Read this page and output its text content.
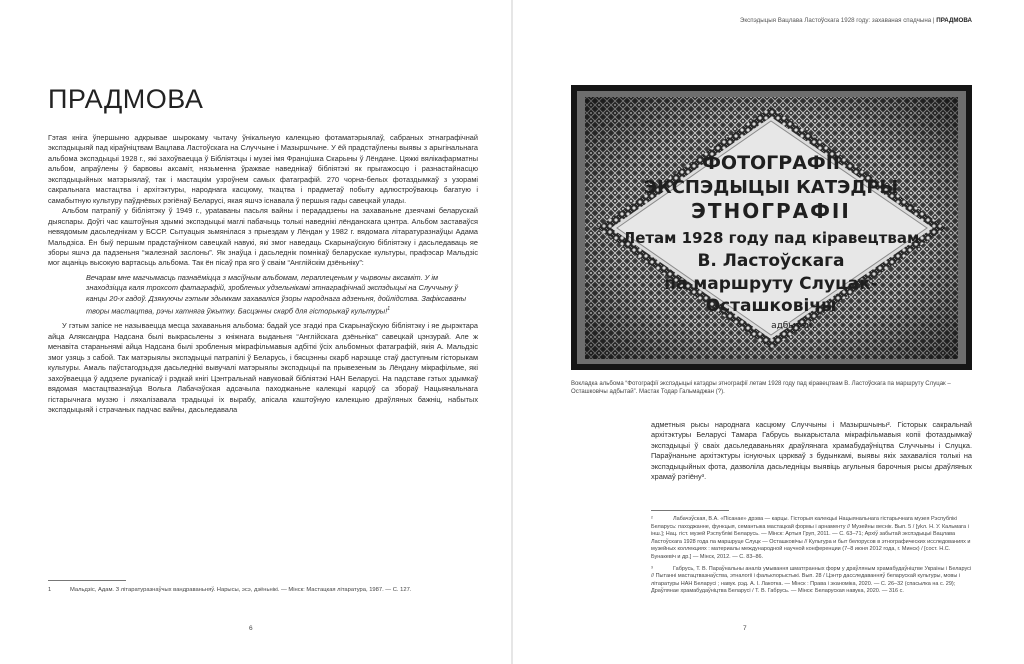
Экспэдыцыя Вацлава Ластоўскага 1928 году: захаваная спадчына | ПРАДМОВА
ПРАДМОВА

Гэтая кніга ўпершыню адкрывае шырокаму чытачу ўнікальную калекцыю фотаматэрыялаў, сабраных этнаграфічнай экспэдыцыяй пад кіраўніцтвам Вацлава Ластоўскага на Случчыне і Мазыршчыне. У ёй прадстаўлены выявы з арыгінальнага альбома экспэдыцыі 1928 г., які захоўваецца ў Бібліятэцы і музеі імя Францішка Скарыны ў Лёндане. Цяжкі вялікафарматны альбом, апраўлены ў барвовы аксаміт, нязьменна ўражвае наведнікаў бібліятэкі як прыгажосцю і разнастайнасцю экспэдыцыйных матэрыялаў, так і мастацкім узроўнем самых фатаграфій. 270 чорна-белых фотаздымкаў з узорамі сакральнага мастацтва і архітэктуры, народнага касцюму, ткацтва і прадметаў побыту адлюстроўваюць багатую і самабытную культуру паўднёвых рэгіёнаў Беларусі, якая яшчэ існавала ў першыя гады савецкай улады.

Альбом патрапіў у бібліятэку ў 1949 г., ураtаваны пасьля вайны і перададзены на захаваньне дзеячамі беларускай дыяспары. Доўгі час каштоўныя здымкі экспэдыцыі маглі пабачыць толькі наведнікі лёнданскага цэнтра. Альбом заставаўся невядомым дасьледнікам у БССР. Сытуацыя зьмянілася з прыездам у Лёндан у 1982 г. вядомага літаратуразнаўцы Адама Мальдзіса. Ён быў першым прадстаўніком савецкай навукі, які змог наведаць Скарынаўскую бібліятэку і дасьледаваць яе зборы яшчэ да падзеньня “жалезнай заслоны”. Як знаўца і дасьледнік помнікаў беларускае культуры, прафэсар Мальдзіс мог ацаніць высокую вартасьць альбома. Так ён пісаў пра яго ў сваім “Англійскім дзёньніку”:

Вечарам мне магчымасць пазнаёміцца з масіўным альбомам, пераплеценым у чырвоны аксаміт. У ім знаходзіцца каля трохсот фатаграфій, зробленых удзельнікамі этнаграфічнай экспэдыцыі на Случчыну ў канцы 20-х гадоў. Дзякуючы гэтым здымкам захаваліся ўзоры народнага адзеньня, дойлідства. Зафіксаваны творы мастацтва, рэчы хатняга ўжытку. Басцэнны скарб для гісторыкаў культуры!$^1$

У гэтым запісе не называецца месца захаваньня альбома: бадай усе згадкі пра Скарынаўскую бібліятэку і яе дырэктара айца Аляксандра Надсана былі выкрасьлены з кніжнага выданьня “Англійскага дзёньніка” савецкай цэнзурай. Але ж менавіта стараньнямі айца Надсана былі зробленыя мікрафільмавыя адбіткі ўсіх альбомных фатаграфій, якія А. Мальдзіс змог узяць з сабой. Так матэрыялы экспэдыцыі патрапілі ў Беларусь, і бясцэнны скарб нарэшце стаў даступным гісторыкам культуры. Амаль паўстагодзьдзя дасьледнікі вывучалі матэрыялы экспэдыцыі па прывезеным зь Лёндану мікрафільме, які захоўваецца ў аддзеле рукапісаў і рэдкай кнігі Цэнтральнай навуковай бібліятэкі НАН Беларусі. На падставе гэтых здымкаў вядомая мастацтвазнаўца Вольга Лабачэўская адсачыла паходжаньне калекцыі карцоў са збораў Нацыянальнага гістарычнага музэю і ляхалізавала традыцыі іх вырабу, апісала каштоўную калекцыю драўляных бажніц, набытых экспэдыцыяй і страчаных падчас вайны, дасьледавала

1	Мальдзіс, Адам. З літаратуразнаўчых вандраваньняў. Нарысы, эсэ, дзёньнікі. — Мінск: Мастацкая літаратура, 1987. — С. 127.
6
ФОТОГРАФІІ
ЭКСПЭДЫЦЫІ КАТЭДРЫ
ЭТНОГРАФІІ
Летам 1928 году пад кіравецтвам
В. Ластоўскага
па маршруту Слуцак-
Осташковічы
адбытай.
Вокладка альбома “Фотографії экспэдыцыі катэдры этнографії летам 1928 году пад кіравецтвам В. Ластоўскага па маршруту Слуцак – Осташковічы адбытай”. Мастак Тодар Гальмаджан (?).

адметныя рысы народнага касцюму Случчыны і Мазыршчыны². Гісторык сакральнай архітэктуры Беларусі Тамара Габрусь выкарыстала мікрафільмавыя копіі фотаздымкаў экспэдыцыі ў сваіх дасьледаваньнях драўлянага храмабудаўніцтва Случчыны і Слуцка. Параўнаньне архітэктуры існуючых цэркваў з будынкамі, выявы якіх захаваліся толькі на экспэдыцыйных фота, дазволіла дасьледніцы выявіць агульныя барочныя рысы драўляных храмаў рэгіёну³.

²	Лабачэўская, В.А. «Пісанае» дрэва — карцы. Гісторыя калекцыі Нацыянальнага гістарычнага музея Рэспублікі Беларусь: паходжанне, функцыя, семантыка мастацкай формы і арнаменту // Музейны веснік. Вып. 5 / [уkл. Н. У. Кальмага і інш.]; Нац. гіст. музей Рэспублікі Беларусь. — Мінск: Артыя Груп, 2011. — С. 63–71; Архіў забытай экспэдыцыі Вацлава Ластоўскага 1928 года па маршруце Слуцк — Осташковічы // Культура и быт белорусов в этнографических исследованиях и музейных коллекциях : материалы международной научной конференции (7–8 июня 2012 года, г. Минск) / [сост. Н.С. Бунакевіч и др.] — Мінск, 2012. — С. 83–86.

³	Габрусь, Т. В. Параўнальны аналіз умывання шматгранных форм у драўляным храмабудаўніцтве Украіны і Беларусі // Пытанні мастацтвазнаўства, этналогіі і фальклорыстыкі. Вып. 28 / Цэнтр дасследаванняў беларускай культуры, мовы і літаратуры НАН Беларусі ; навук. рэд. А. І. Лакотка. — Мінск : Права і эканоміка, 2020. — С. 26–32 (спасылка на с. 29); Драўлянае храмабудаўніцтва Беларусі / Т. В. Габрусь. — Мінск: Беларуская навука, 2020. — 316 с.

7
